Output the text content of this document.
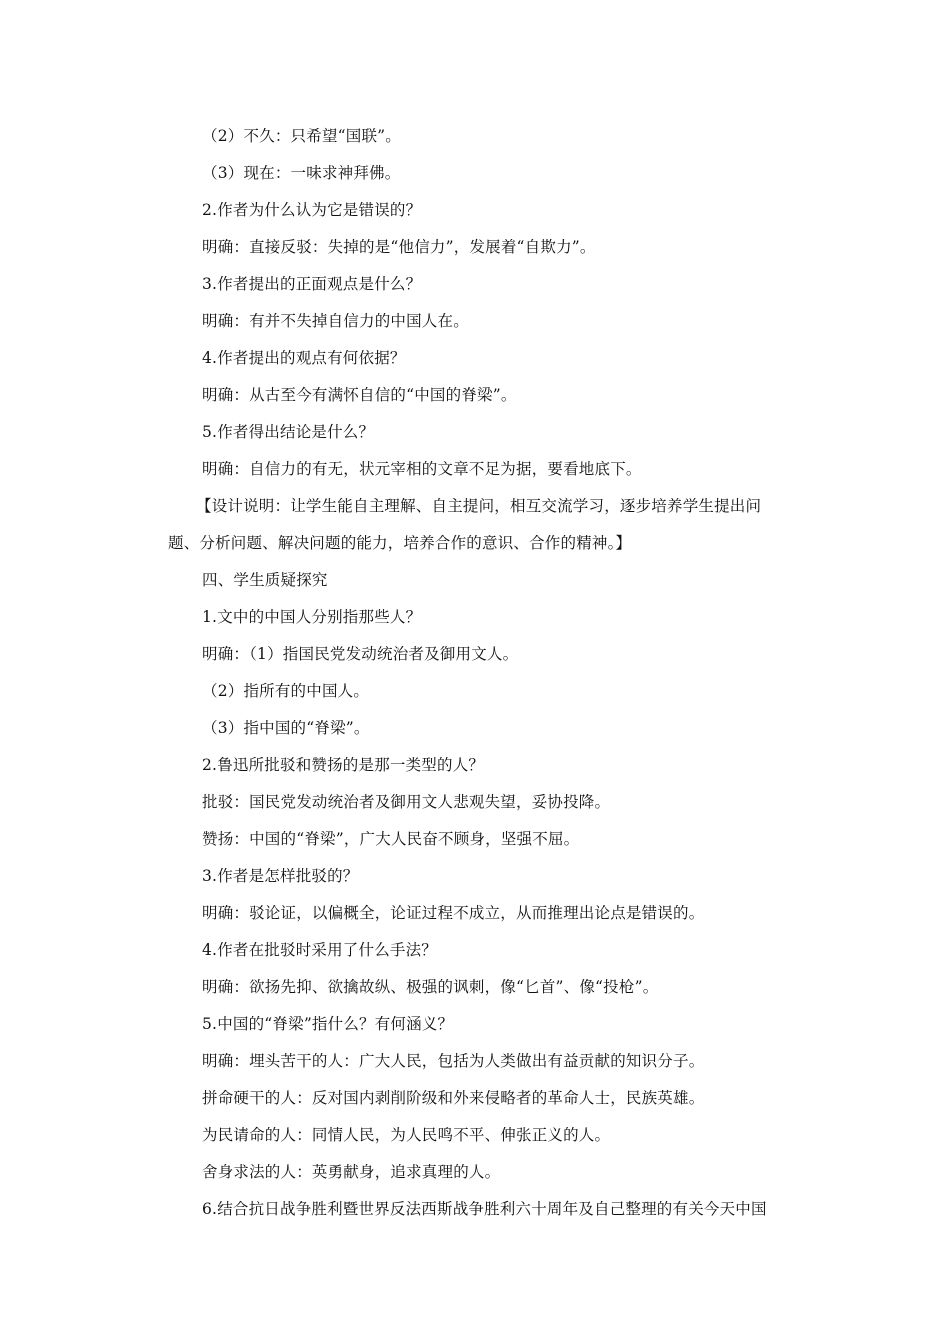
（2）不久：只希望“国联”。
（3）现在：一味求神拜佛。
2.作者为什么认为它是错误的？
明确：直接反驳：失掉的是“他信力”，发展着“自欺力”。
3.作者提出的正面观点是什么？
明确：有并不失掉自信力的中国人在。
4.作者提出的观点有何依据？
明确：从古至今有满怀自信的“中国的脊梁”。
5.作者得出结论是什么？
明确：自信力的有无，状元宰相的文章不足为据，要看地底下。
【设计说明：让学生能自主理解、自主提问，相互交流学习，逐步培养学生提出问
题、分析问题、解决问题的能力，培养合作的意识、合作的精神。】
四、学生质疑探究
1.文中的中国人分别指那些人？
明确：（1）指国民党发动统治者及御用文人。
（2）指所有的中国人。
（3）指中国的“脊梁”。
2.鲁迅所批驳和赞扬的是那一类型的人？
批驳：国民党发动统治者及御用文人悲观失望，妥协投降。
赞扬：中国的“脊梁”，广大人民奋不顾身，坚强不屈。
3.作者是怎样批驳的？
明确：驳论证，以偏概全，论证过程不成立，从而推理出论点是错误的。
4.作者在批驳时采用了什么手法？
明确：欲扬先抑、欲擒故纵、极强的讽刺，像“匕首”、像“投枪”。
5.中国的“脊梁”指什么？有何涵义？
明确：埋头苦干的人：广大人民，包括为人类做出有益贡献的知识分子。
拼命硬干的人：反对国内剥削阶级和外来侵略者的革命人士，民族英雄。
为民请命的人：同情人民，为人民鸣不平、伸张正义的人。
舍身求法的人：英勇献身，追求真理的人。
6.结合抗日战争胜利暨世界反法西斯战争胜利六十周年及自己整理的有关今天中国
